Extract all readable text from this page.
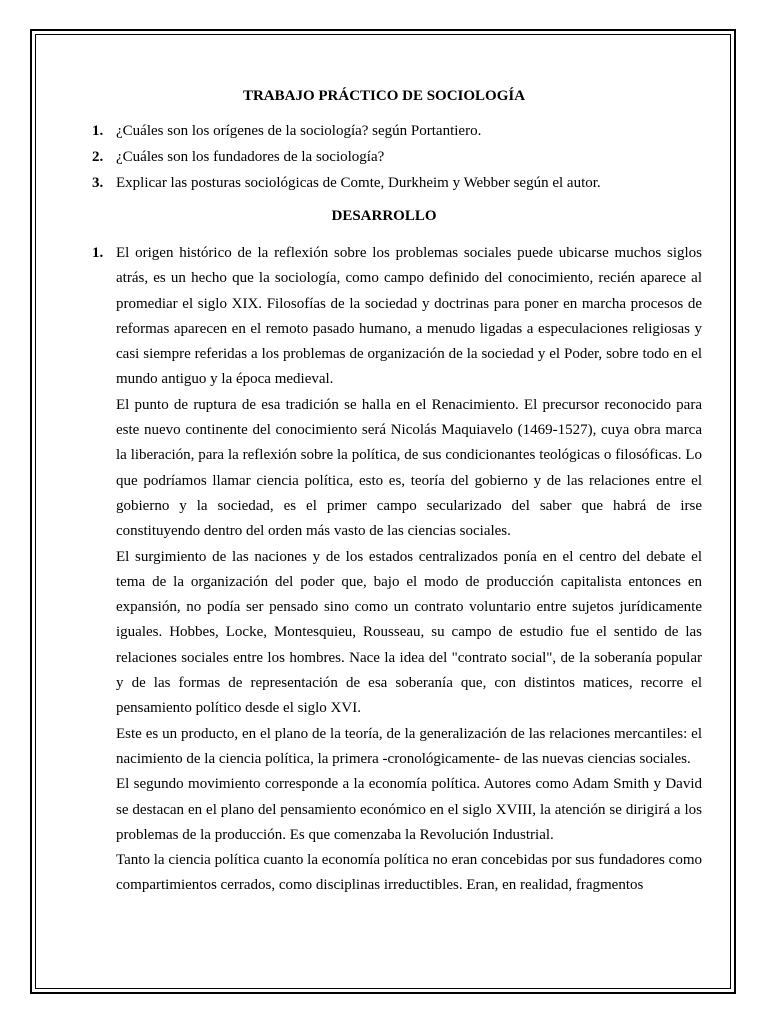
TRABAJO PRÁCTICO DE SOCIOLOGÍA
1. ¿Cuáles son los orígenes de la sociología? según Portantiero.
2. ¿Cuáles son los fundadores de la sociología?
3. Explicar las posturas sociológicas de Comte, Durkheim y Webber según el autor.
DESARROLLO
1. El origen histórico de la reflexión sobre los problemas sociales puede ubicarse muchos siglos atrás, es un hecho que la sociología, como campo definido del conocimiento, recién aparece al promediar el siglo XIX. Filosofías de la sociedad y doctrinas para poner en marcha procesos de reformas aparecen en el remoto pasado humano, a menudo ligadas a especulaciones religiosas y casi siempre referidas a los problemas de organización de la sociedad y el Poder, sobre todo en el mundo antiguo y la época medieval.

El punto de ruptura de esa tradición se halla en el Renacimiento. El precursor reconocido para este nuevo continente del conocimiento será Nicolás Maquiavelo (1469-1527), cuya obra marca la liberación, para la reflexión sobre la política, de sus condicionantes teológicas o filosóficas. Lo que podríamos llamar ciencia política, esto es, teoría del gobierno y de las relaciones entre el gobierno y la sociedad, es el primer campo secularizado del saber que habrá de irse constituyendo dentro del orden más vasto de las ciencias sociales.

El surgimiento de las naciones y de los estados centralizados ponía en el centro del debate el tema de la organización del poder que, bajo el modo de producción capitalista entonces en expansión, no podía ser pensado sino como un contrato voluntario entre sujetos jurídicamente iguales. Hobbes, Locke, Montesquieu, Rousseau, su campo de estudio fue el sentido de las relaciones sociales entre los hombres. Nace la idea del "contrato social", de la soberanía popular y de las formas de representación de esa soberanía que, con distintos matices, recorre el pensamiento político desde el siglo XVI.

Este es un producto, en el plano de la teoría, de la generalización de las relaciones mercantiles: el nacimiento de la ciencia política, la primera -cronológicamente- de las nuevas ciencias sociales.

El segundo movimiento corresponde a la economía política. Autores como Adam Smith y David se destacan en el plano del pensamiento económico en el siglo XVIII, la atención se dirigirá a los problemas de la producción. Es que comenzaba la Revolución Industrial.

Tanto la ciencia política cuanto la economía política no eran concebidas por sus fundadores como compartimientos cerrados, como disciplinas irreductibles. Eran, en realidad, fragmentos
